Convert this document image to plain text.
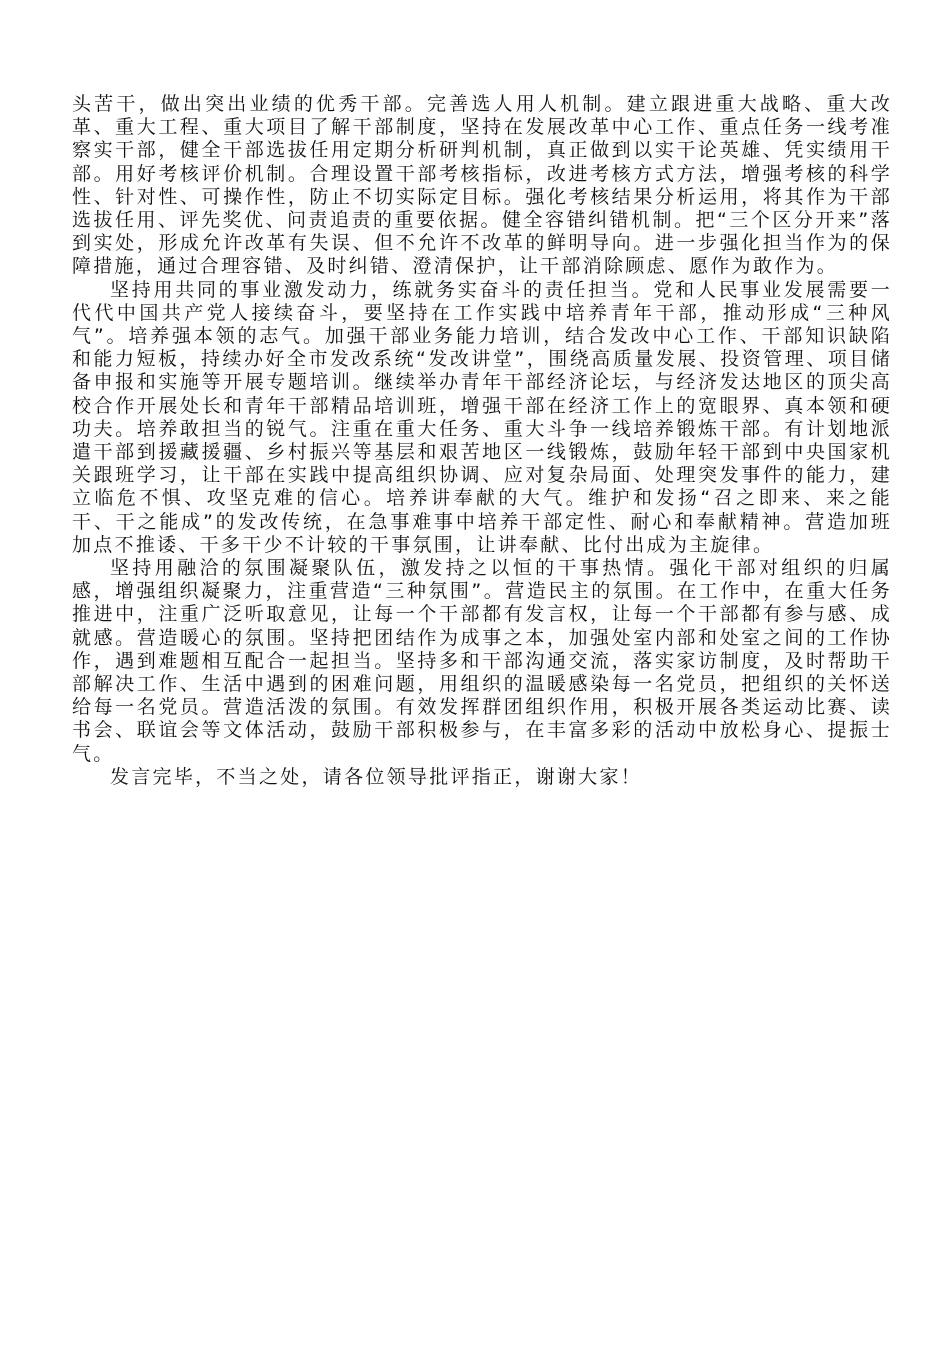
头苦干，做出突出业绩的优秀干部。完善选人用人机制。建立跟进重大战略、重大改革、重大工程、重大项目了解干部制度，坚持在发展改革中心工作、重点任务一线考准察实干部，健全干部选拔任用定期分析研判机制，真正做到以实干论英雄、凭实绩用干部。用好考核评价机制。合理设置干部考核指标，改进考核方式方法，增强考核的科学性、针对性、可操作性，防止不切实际定目标。强化考核结果分析运用，将其作为干部选拔任用、评先奖优、问责追责的重要依据。健全容错纠错机制。把“三个区分开来”落到实处，形成允许改革有失误、但不允许不改革的鲜明导向。进一步强化担当作为的保障措施，通过合理容错、及时纠错、澄清保护，让干部消除顾虑、愿作为敢作为。

坚持用共同的事业激发动力，练就务实奋斗的责任担当。党和人民事业发展需要一代代中国共产党人接续奋斗，要坚持在工作实践中培养青年干部，推动形成“三种风气”。培养强本领的志气。加强干部业务能力培训，结合发改中心工作、干部知识缺陷和能力短板，持续办好全市发改系统“发改讲堂”，围绕高质量发展、投资管理、项目储备申报和实施等开展专题培训。继续举办青年干部经济论坛，与经济发达地区的顶尖高校合作开展处长和青年干部精品培训班，增强干部在经济工作上的宽眼界、真本领和硬功夫。培养敢担当的锐气。注重在重大任务、重大斗争一线培养锻炼干部。有计划地派遣干部到援藏援疆、乡村振兴等基层和艰苦地区一线锻炼，鼓励年轻干部到中央国家机关跟班学习，让干部在实践中提高组织协调、应对复杂局面、处理突发事件的能力，建立临危不惧、攻坚克难的信心。培养讲奉献的大气。维护和发扬“召之即来、来之能干、干之能成”的发改传统，在急事难事中培养干部定性、耐心和奉献精神。营造加班加点不推诿、干多干少不计较的干事氛围，让讲奉献、比付出成为主旋律。

坚持用融洽的氛围凝聚队伍，激发持之以恒的干事热情。强化干部对组织的归属感，增强组织凝聚力，注重营造“三种氛围”。营造民主的氛围。在工作中，在重大任务推进中，注重广泛听取意见，让每一个干部都有发言权，让每一个干部都有参与感、成就感。营造暖心的氛围。坚持把团结作为成事之本，加强处室内部和处室之间的工作协作，遇到难题相互配合一起担当。坚持多和干部沟通交流，落实家访制度，及时帮助干部解决工作、生活中遇到的困难问题，用组织的温暖感染每一名党员，把组织的关怀送给每一名党员。营造活泼的氛围。有效发挥群团组织作用，积极开展各类运动比赛、读书会、联谊会等文体活动，鼓励干部积极参与，在丰富多彩的活动中放松身心、提振士气。

发言完毕，不当之处，请各位领导批评指正，谢谢大家！
